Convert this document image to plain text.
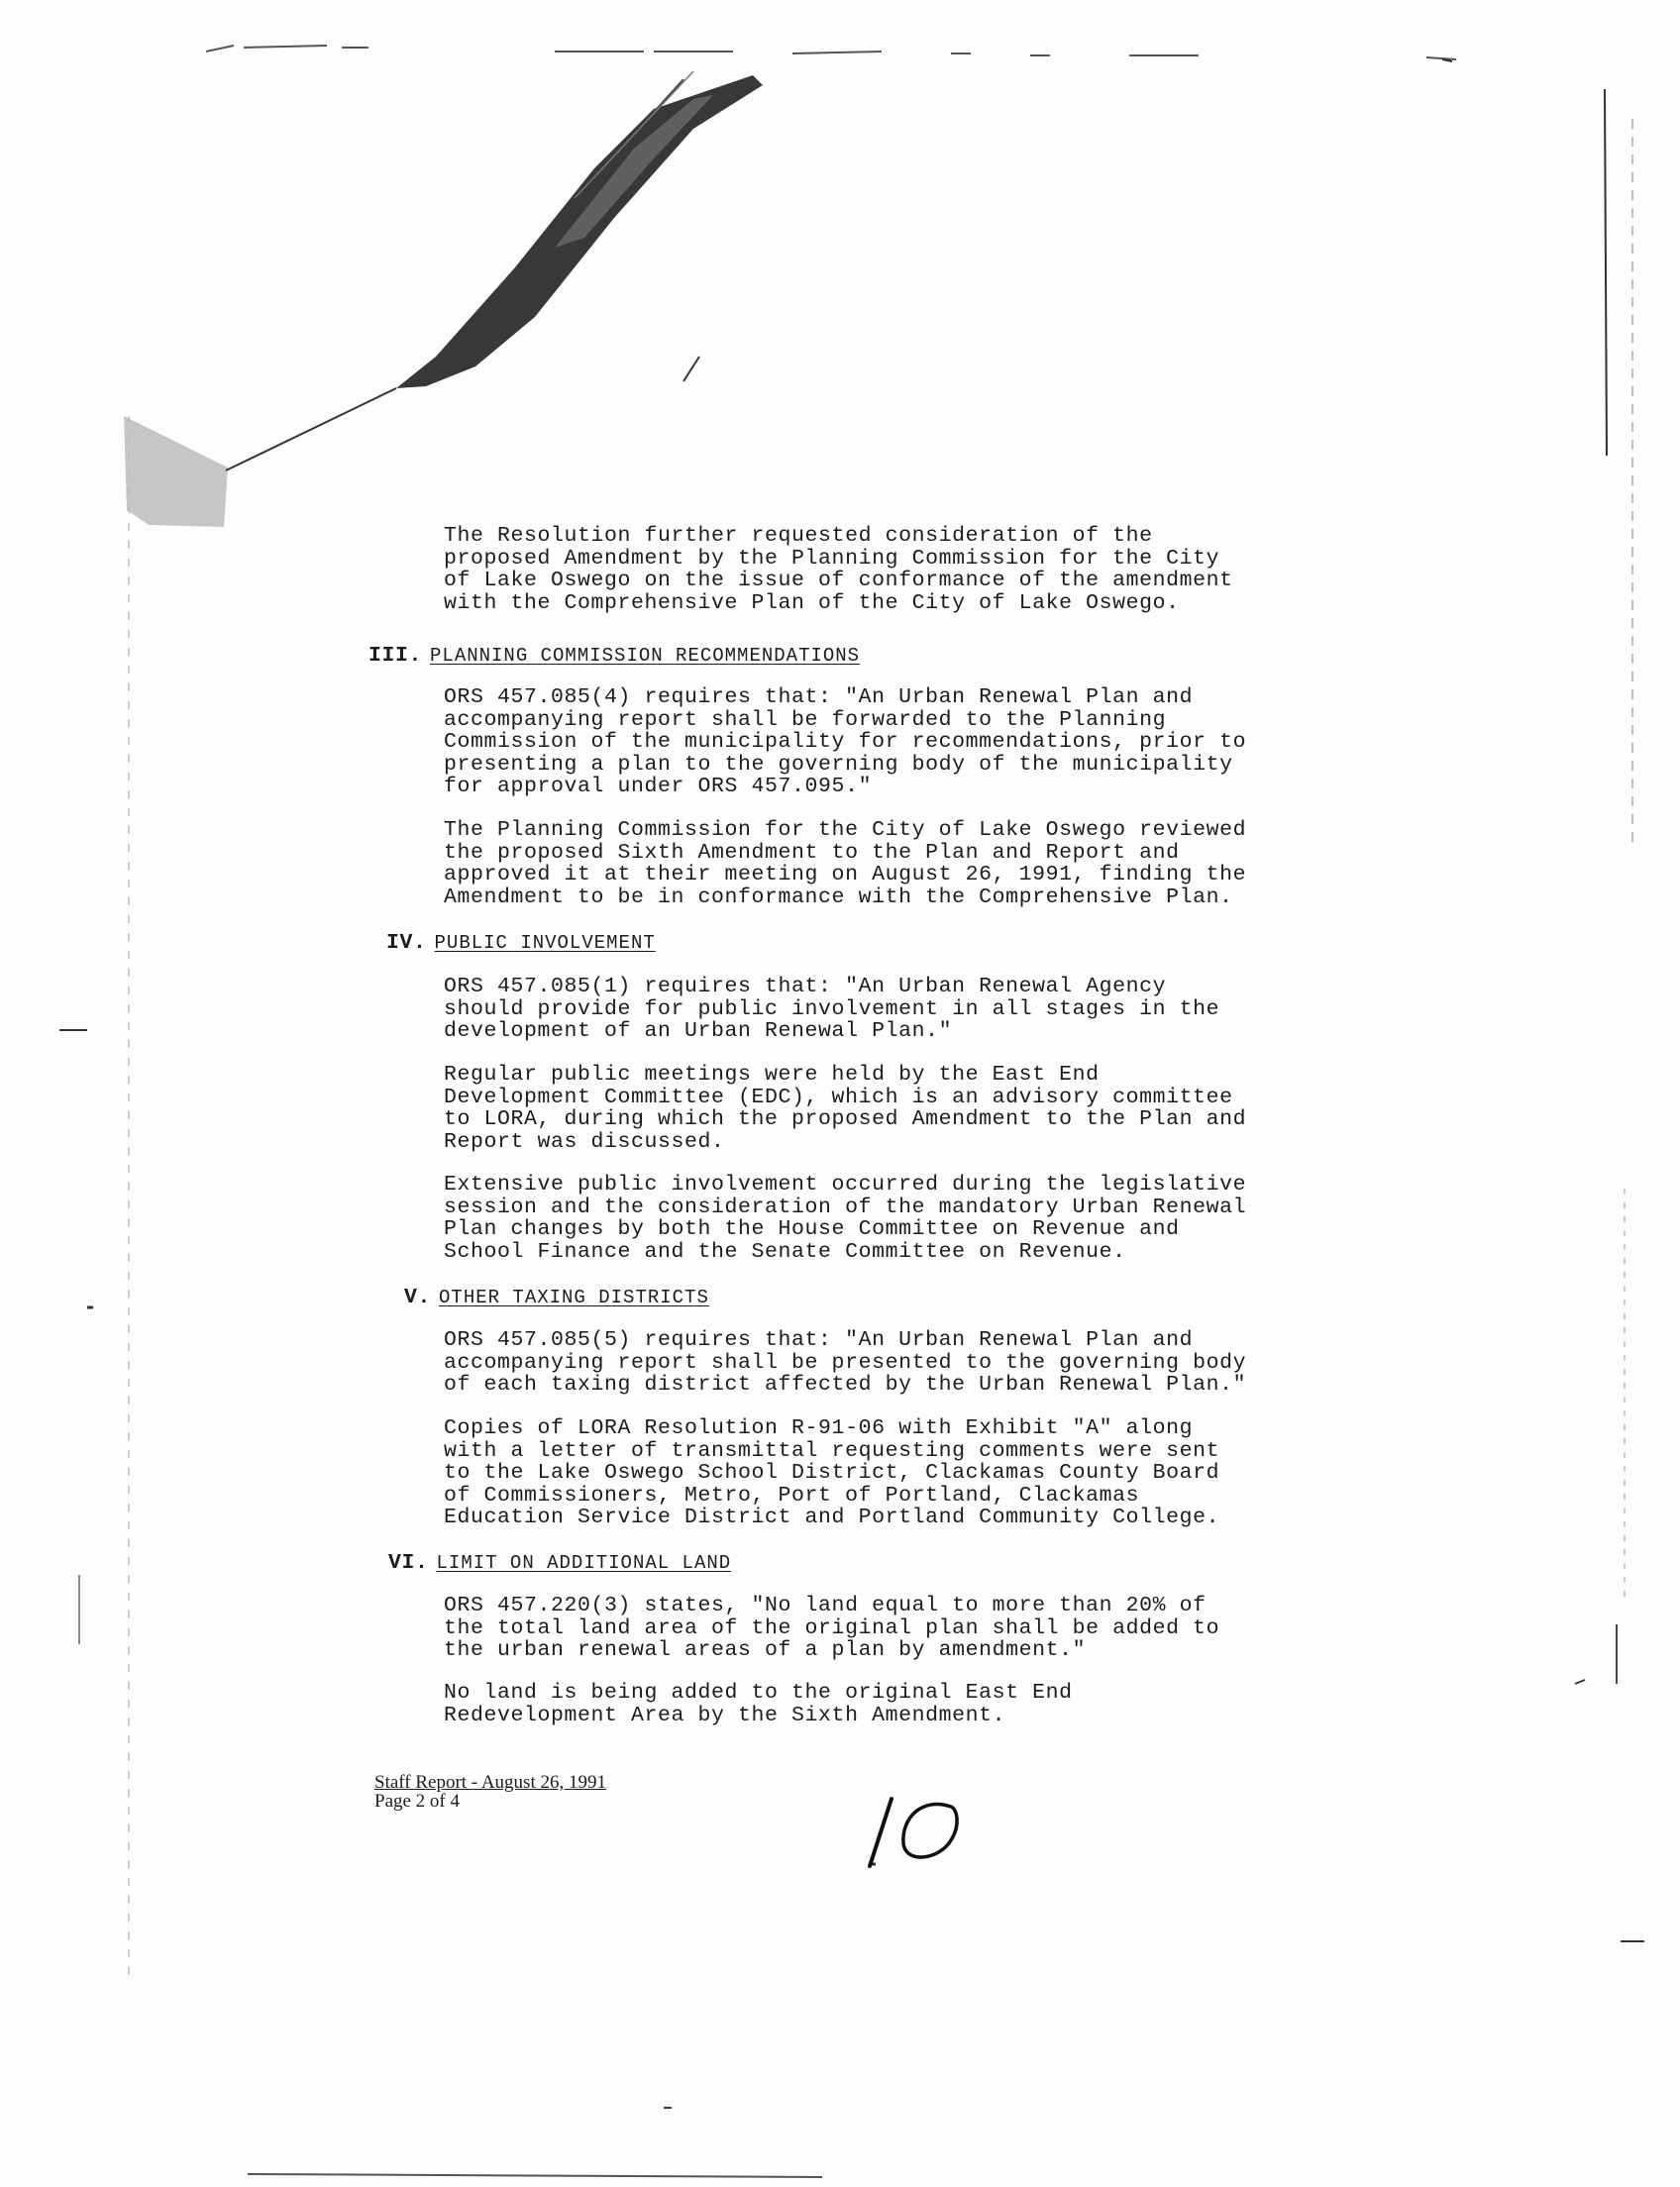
The Resolution further requested consideration of the
proposed Amendment by the Planning Commission for the City
of Lake Oswego on the issue of conformance of the amendment
with the Comprehensive Plan of the City of Lake Oswego.

III. PLANNING COMMISSION RECOMMENDATIONS

ORS 457.085(4) requires that: "An Urban Renewal Plan and
accompanying report shall be forwarded to the Planning
Commission of the municipality for recommendations, prior to
presenting a plan to the governing body of the municipality
for approval under ORS 457.095."

The Planning Commission for the City of Lake Oswego reviewed
the proposed Sixth Amendment to the Plan and Report and
approved it at their meeting on August 26, 1991, finding the
Amendment to be in conformance with the Comprehensive Plan.

IV. PUBLIC INVOLVEMENT

ORS 457.085(1) requires that: "An Urban Renewal Agency
should provide for public involvement in all stages in the
development of an Urban Renewal Plan."

Regular public meetings were held by the East End
Development Committee (EDC), which is an advisory committee
to LORA, during which the proposed Amendment to the Plan and
Report was discussed.

Extensive public involvement occurred during the legislative
session and the consideration of the mandatory Urban Renewal
Plan changes by both the House Committee on Revenue and
School Finance and the Senate Committee on Revenue.

V. OTHER TAXING DISTRICTS

ORS 457.085(5) requires that: "An Urban Renewal Plan and
accompanying report shall be presented to the governing body
of each taxing district affected by the Urban Renewal Plan."

Copies of LORA Resolution R-91-06 with Exhibit "A" along
with a letter of transmittal requesting comments were sent
to the Lake Oswego School District, Clackamas County Board
of Commissioners, Metro, Port of Portland, Clackamas
Education Service District and Portland Community College.

VI. LIMIT ON ADDITIONAL LAND

ORS 457.220(3) states, "No land equal to more than 20% of
the total land area of the original plan shall be added to
the urban renewal areas of a plan by amendment."

No land is being added to the original East End
Redevelopment Area by the Sixth Amendment.

Staff Report - August 26, 1991
Page 2 of 4
